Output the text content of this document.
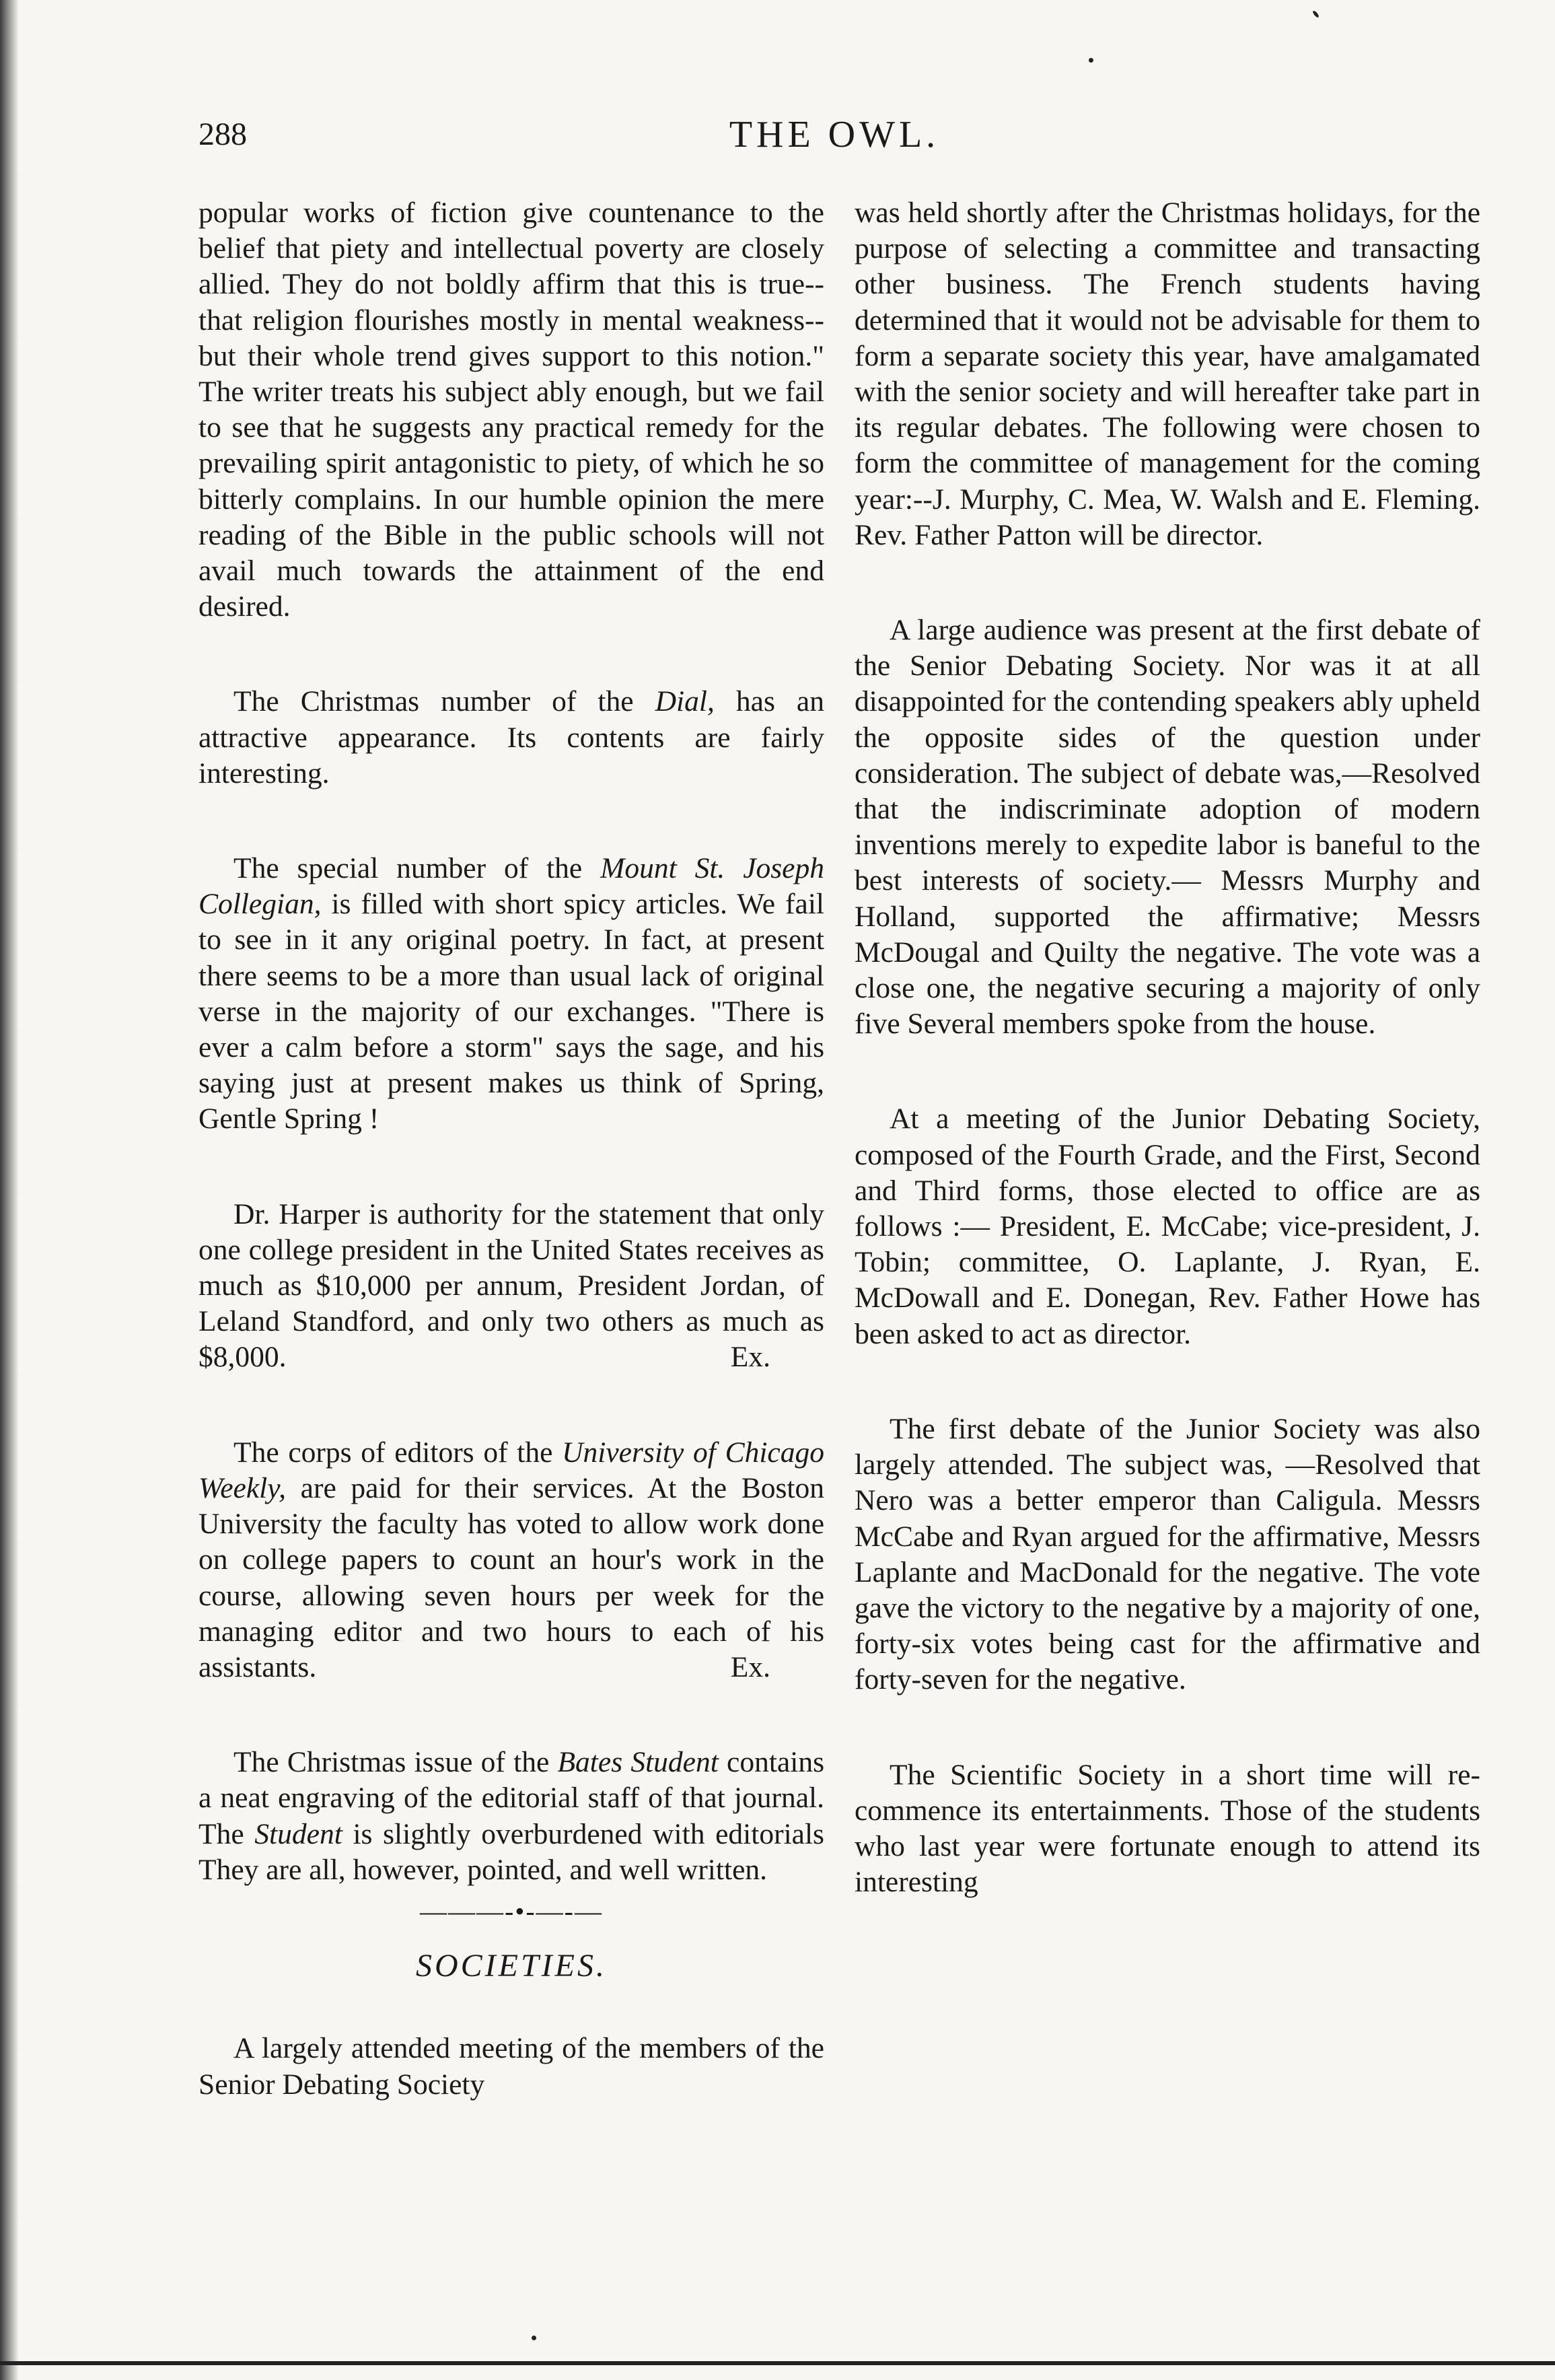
288	THE OWL.

popular works of fiction give countenance to the belief that piety and intellectual poverty are closely allied. They do not boldly affirm that this is true--that religion flourishes mostly in mental weakness-- but their whole trend gives support to this notion." The writer treats his subject ably enough, but we fail to see that he suggests any practical remedy for the prevailing spirit antagonistic to piety, of which he so bitterly complains. In our humble opinion the mere reading of the Bible in the public schools will not avail much towards the attainment of the end desired.

The Christmas number of the Dial, has an attractive appearance. Its contents are fairly interesting.

The special number of the Mount St. Joseph Collegian, is filled with short spicy articles. We fail to see in it any original poetry. In fact, at present there seems to be a more than usual lack of original verse in the majority of our exchanges. "There is ever a calm before a storm" says the sage, and his saying just at present makes us think of Spring, Gentle Spring !

Dr. Harper is authority for the statement that only one college president in the United States receives as much as $10,000 per annum, President Jordan, of Leland Standford, and only two others as much as $8,000.	Ex.

The corps of editors of the University of Chicago Weekly, are paid for their services. At the Boston University the faculty has voted to allow work done on college papers to count an hour's work in the course, allowing seven hours per week for the managing editor and two hours to each of his assistants.	Ex.

The Christmas issue of the Bates Student contains a neat engraving of the editorial staff of that journal. The Student is slightly overburdened with editorials They are all, however, pointed, and well written.

———-•-—-—
SOCIETIES.

A largely attended meeting of the members of the Senior Debating Society

was held shortly after the Christmas holidays, for the purpose of selecting a committee and transacting other business. The French students having determined that it would not be advisable for them to form a separate society this year, have amalgamated with the senior society and will hereafter take part in its regular debates. The following were chosen to form the committee of management for the coming year:--J. Murphy, C. Mea, W. Walsh and E. Fleming. Rev. Father Patton will be director.

A large audience was present at the first debate of the Senior Debating Society. Nor was it at all disappointed for the contending speakers ably upheld the opposite sides of the question under consideration. The subject of debate was,—Resolved that the indiscriminate adoption of modern inventions merely to expedite labor is baneful to the best interests of society.— Messrs Murphy and Holland, supported the affirmative; Messrs McDougal and Quilty the negative. The vote was a close one, the negative securing a majority of only five Several members spoke from the house.

At a meeting of the Junior Debating Society, composed of the Fourth Grade, and the First, Second and Third forms, those elected to office are as follows :— President, E. McCabe; vice-president, J. Tobin; committee, O. Laplante, J. Ryan, E. McDowall and E. Donegan, Rev. Father Howe has been asked to act as director.

The first debate of the Junior Society was also largely attended. The subject was, —Resolved that Nero was a better emperor than Caligula. Messrs McCabe and Ryan argued for the affirmative, Messrs Laplante and MacDonald for the negative. The vote gave the victory to the negative by a majority of one, forty-six votes being cast for the affirmative and forty-seven for the negative.

The Scientific Society in a short time will re-commence its entertainments. Those of the students who last year were fortunate enough to attend its interesting
